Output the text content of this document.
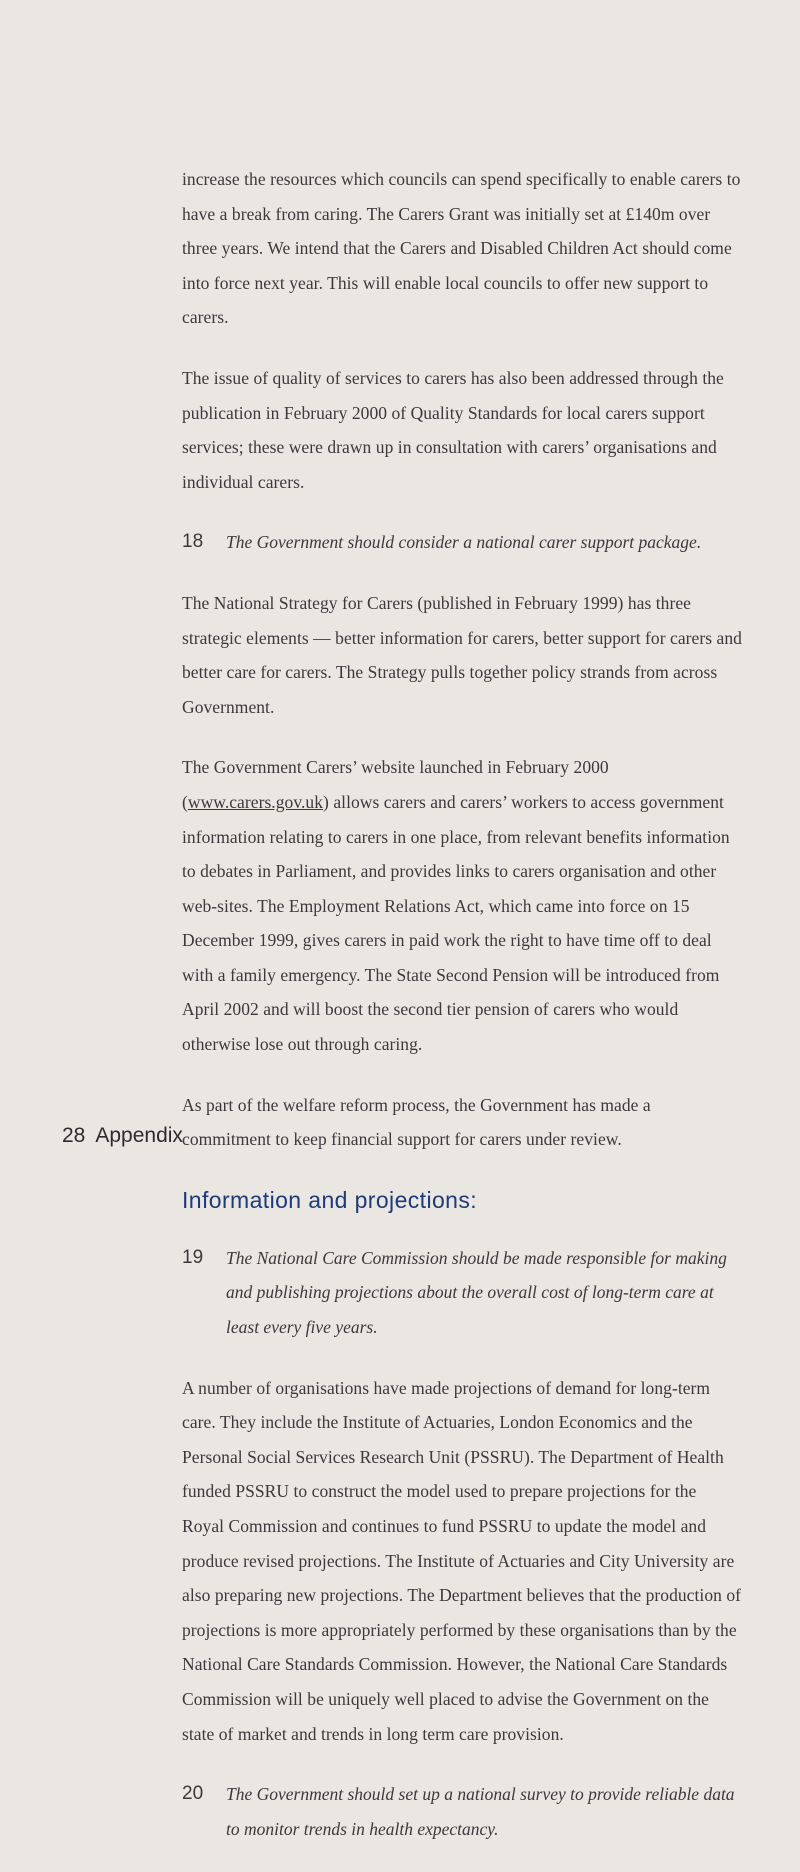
increase the resources which councils can spend specifically to enable carers to have a break from caring. The Carers Grant was initially set at £140m over three years. We intend that the Carers and Disabled Children Act should come into force next year. This will enable local councils to offer new support to carers.

The issue of quality of services to carers has also been addressed through the publication in February 2000 of Quality Standards for local carers support services; these were drawn up in consultation with carers’ organisations and individual carers.

18	The Government should consider a national carer support package.

The National Strategy for Carers (published in February 1999) has three strategic elements — better information for carers, better support for carers and better care for carers. The Strategy pulls together policy strands from across Government.

The Government Carers’ website launched in February 2000 (www.carers.gov.uk) allows carers and carers’ workers to access government information relating to carers in one place, from relevant benefits information to debates in Parliament, and provides links to carers organisation and other web-sites. The Employment Relations Act, which came into force on 15 December 1999, gives carers in paid work the right to have time off to deal with a family emergency. The State Second Pension will be introduced from April 2002 and will boost the second tier pension of carers who would otherwise lose out through caring.

As part of the welfare reform process, the Government has made a commitment to keep financial support for carers under review.

Information and projections:
19	The National Care Commission should be made responsible for making and publishing projections about the overall cost of long-term care at least every five years.

A number of organisations have made projections of demand for long-term care. They include the Institute of Actuaries, London Economics and the Personal Social Services Research Unit (PSSRU). The Department of Health funded PSSRU to construct the model used to prepare projections for the Royal Commission and continues to fund PSSRU to update the model and produce revised projections. The Institute of Actuaries and City University are also preparing new projections. The Department believes that the production of projections is more appropriately performed by these organisations than by the National Care Standards Commission. However, the National Care Standards Commission will be uniquely well placed to advise the Government on the state of market and trends in long term care provision.

20	The Government should set up a national survey to provide reliable data to monitor trends in health expectancy.
28 Appendix
